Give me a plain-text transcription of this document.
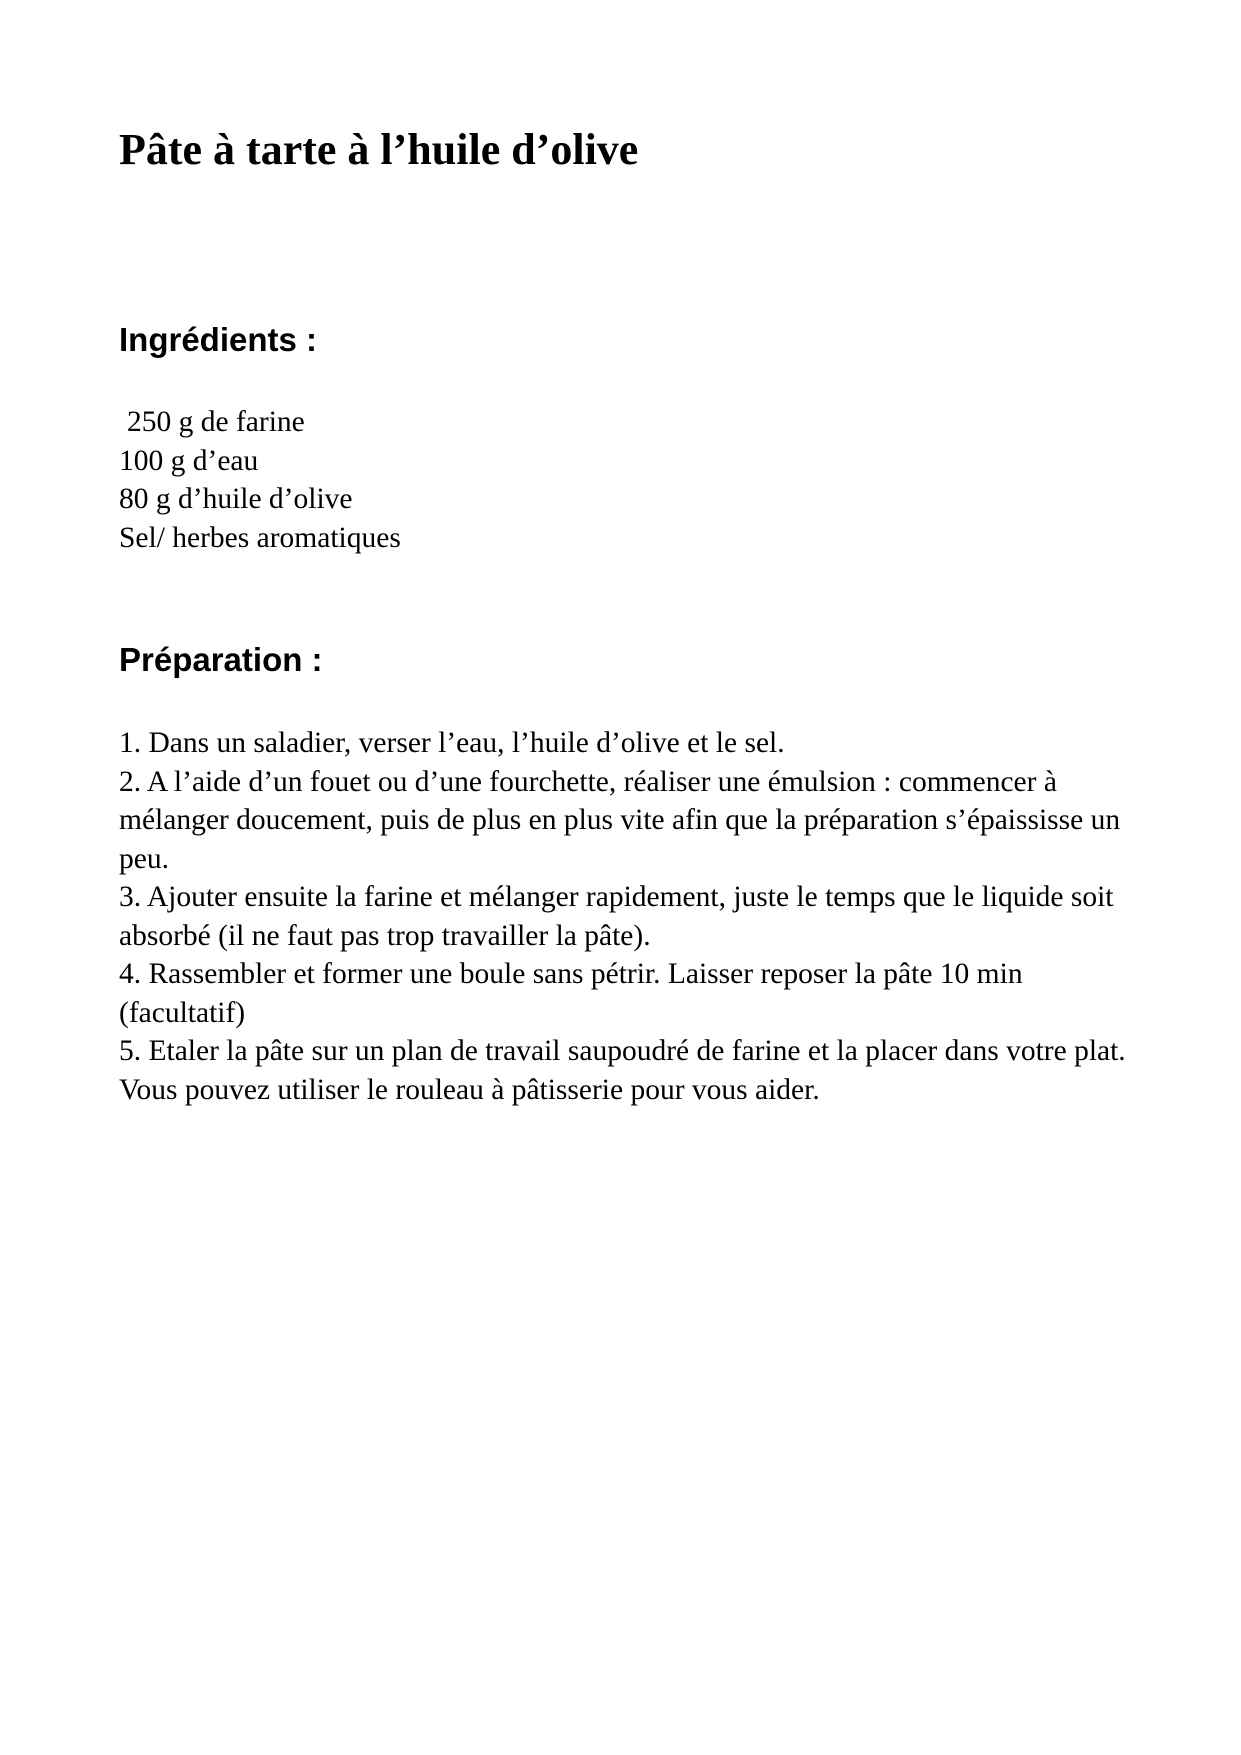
Pâte à tarte à l’huile d’olive
Ingrédients :
250 g de farine
100 g d’eau
80 g d’huile d’olive
Sel/ herbes aromatiques
Préparation :
1. Dans un saladier, verser l’eau, l’huile d’olive et le sel.
2. A l’aide d’un fouet ou d’une fourchette, réaliser une émulsion : commencer à mélanger doucement, puis de plus en plus vite afin que la préparation s’épaississe un peu.
3. Ajouter ensuite la farine et mélanger rapidement, juste le temps que le liquide soit absorbé (il ne faut pas trop travailler la pâte).
4. Rassembler et former une boule sans pétrir. Laisser reposer la pâte 10 min (facultatif)
5. Etaler la pâte sur un plan de travail saupoudré de farine et la placer dans votre plat.
Vous pouvez utiliser le rouleau à pâtisserie pour vous aider.
